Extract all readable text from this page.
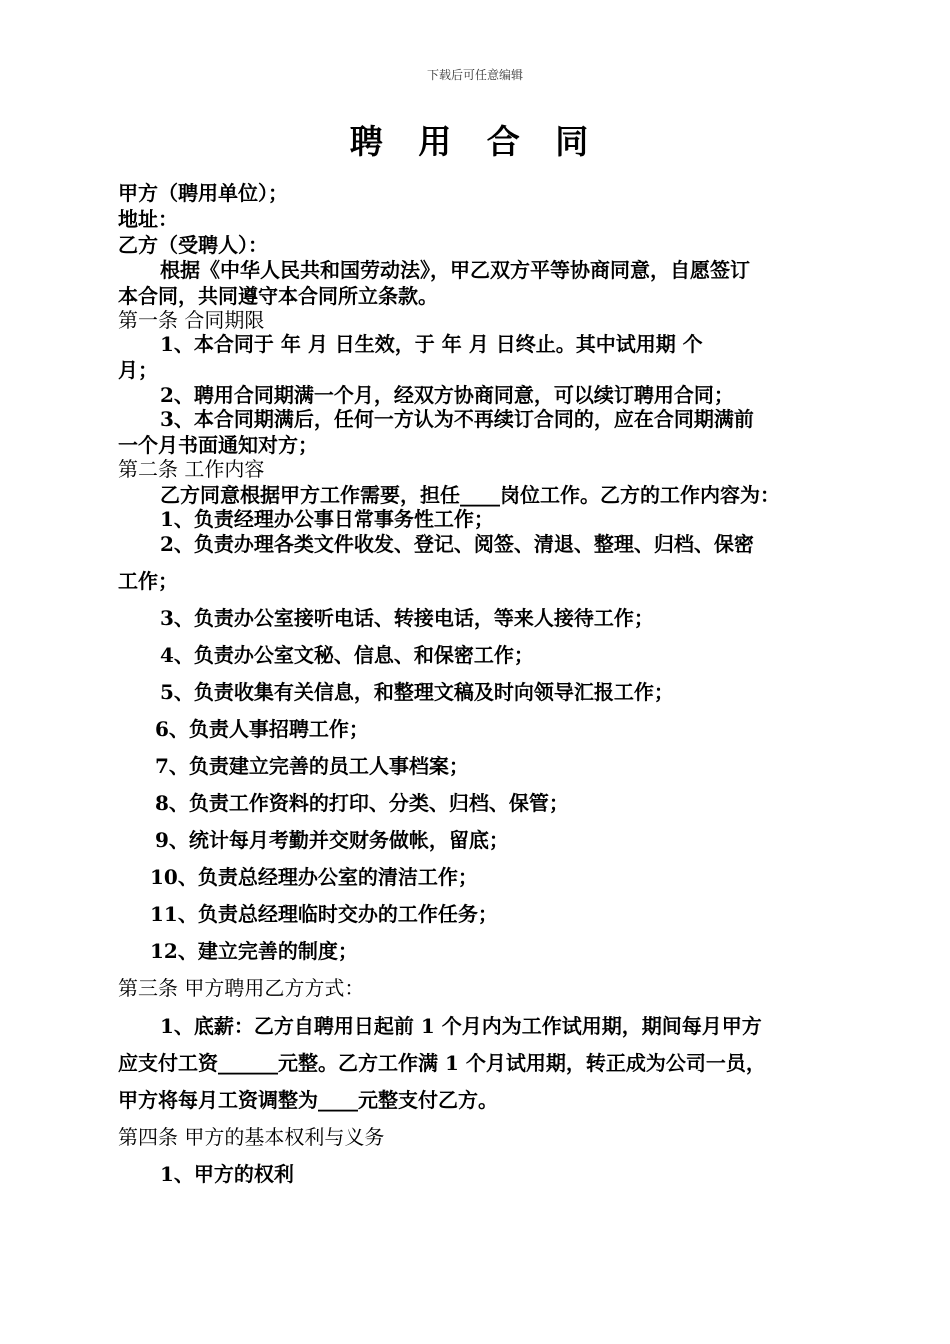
下载后可任意编辑
聘 用 合 同
甲方（聘用单位）；
地址：
乙方（受聘人）：
根据《中华人民共和国劳动法》，甲乙双方平等协商同意，自愿签订
本合同，共同遵守本合同所立条款。
第一条 合同期限
1、本合同于 年 月 日生效，于 年 月 日终止。其中试用期 个
月；
2、聘用合同期满一个月，经双方协商同意，可以续订聘用合同；
3、本合同期满后，任何一方认为不再续订合同的，应在合同期满前
一个月书面通知对方；
第二条 工作内容
乙方同意根据甲方工作需要，担任____岗位工作。乙方的工作内容为：
1、负责经理办公事日常事务性工作；
2、负责办理各类文件收发、登记、阅签、清退、整理、归档、保密
工作；
3、负责办公室接听电话、转接电话，等来人接待工作；
4、负责办公室文秘、信息、和保密工作；
5、负责收集有关信息，和整理文稿及时向领导汇报工作；
6、负责人事招聘工作；
7、负责建立完善的员工人事档案；
8、负责工作资料的打印、分类、归档、保管；
9、统计每月考勤并交财务做帐，留底；
10、负责总经理办公室的清洁工作；
11、负责总经理临时交办的工作任务；
12、建立完善的制度；
第三条 甲方聘用乙方方式：
1、底薪：乙方自聘用日起前 1 个月内为工作试用期，期间每月甲方
应支付工资______元整。乙方工作满 1 个月试用期，转正成为公司一员，
甲方将每月工资调整为____元整支付乙方。
第四条 甲方的基本权利与义务
1、甲方的权利
